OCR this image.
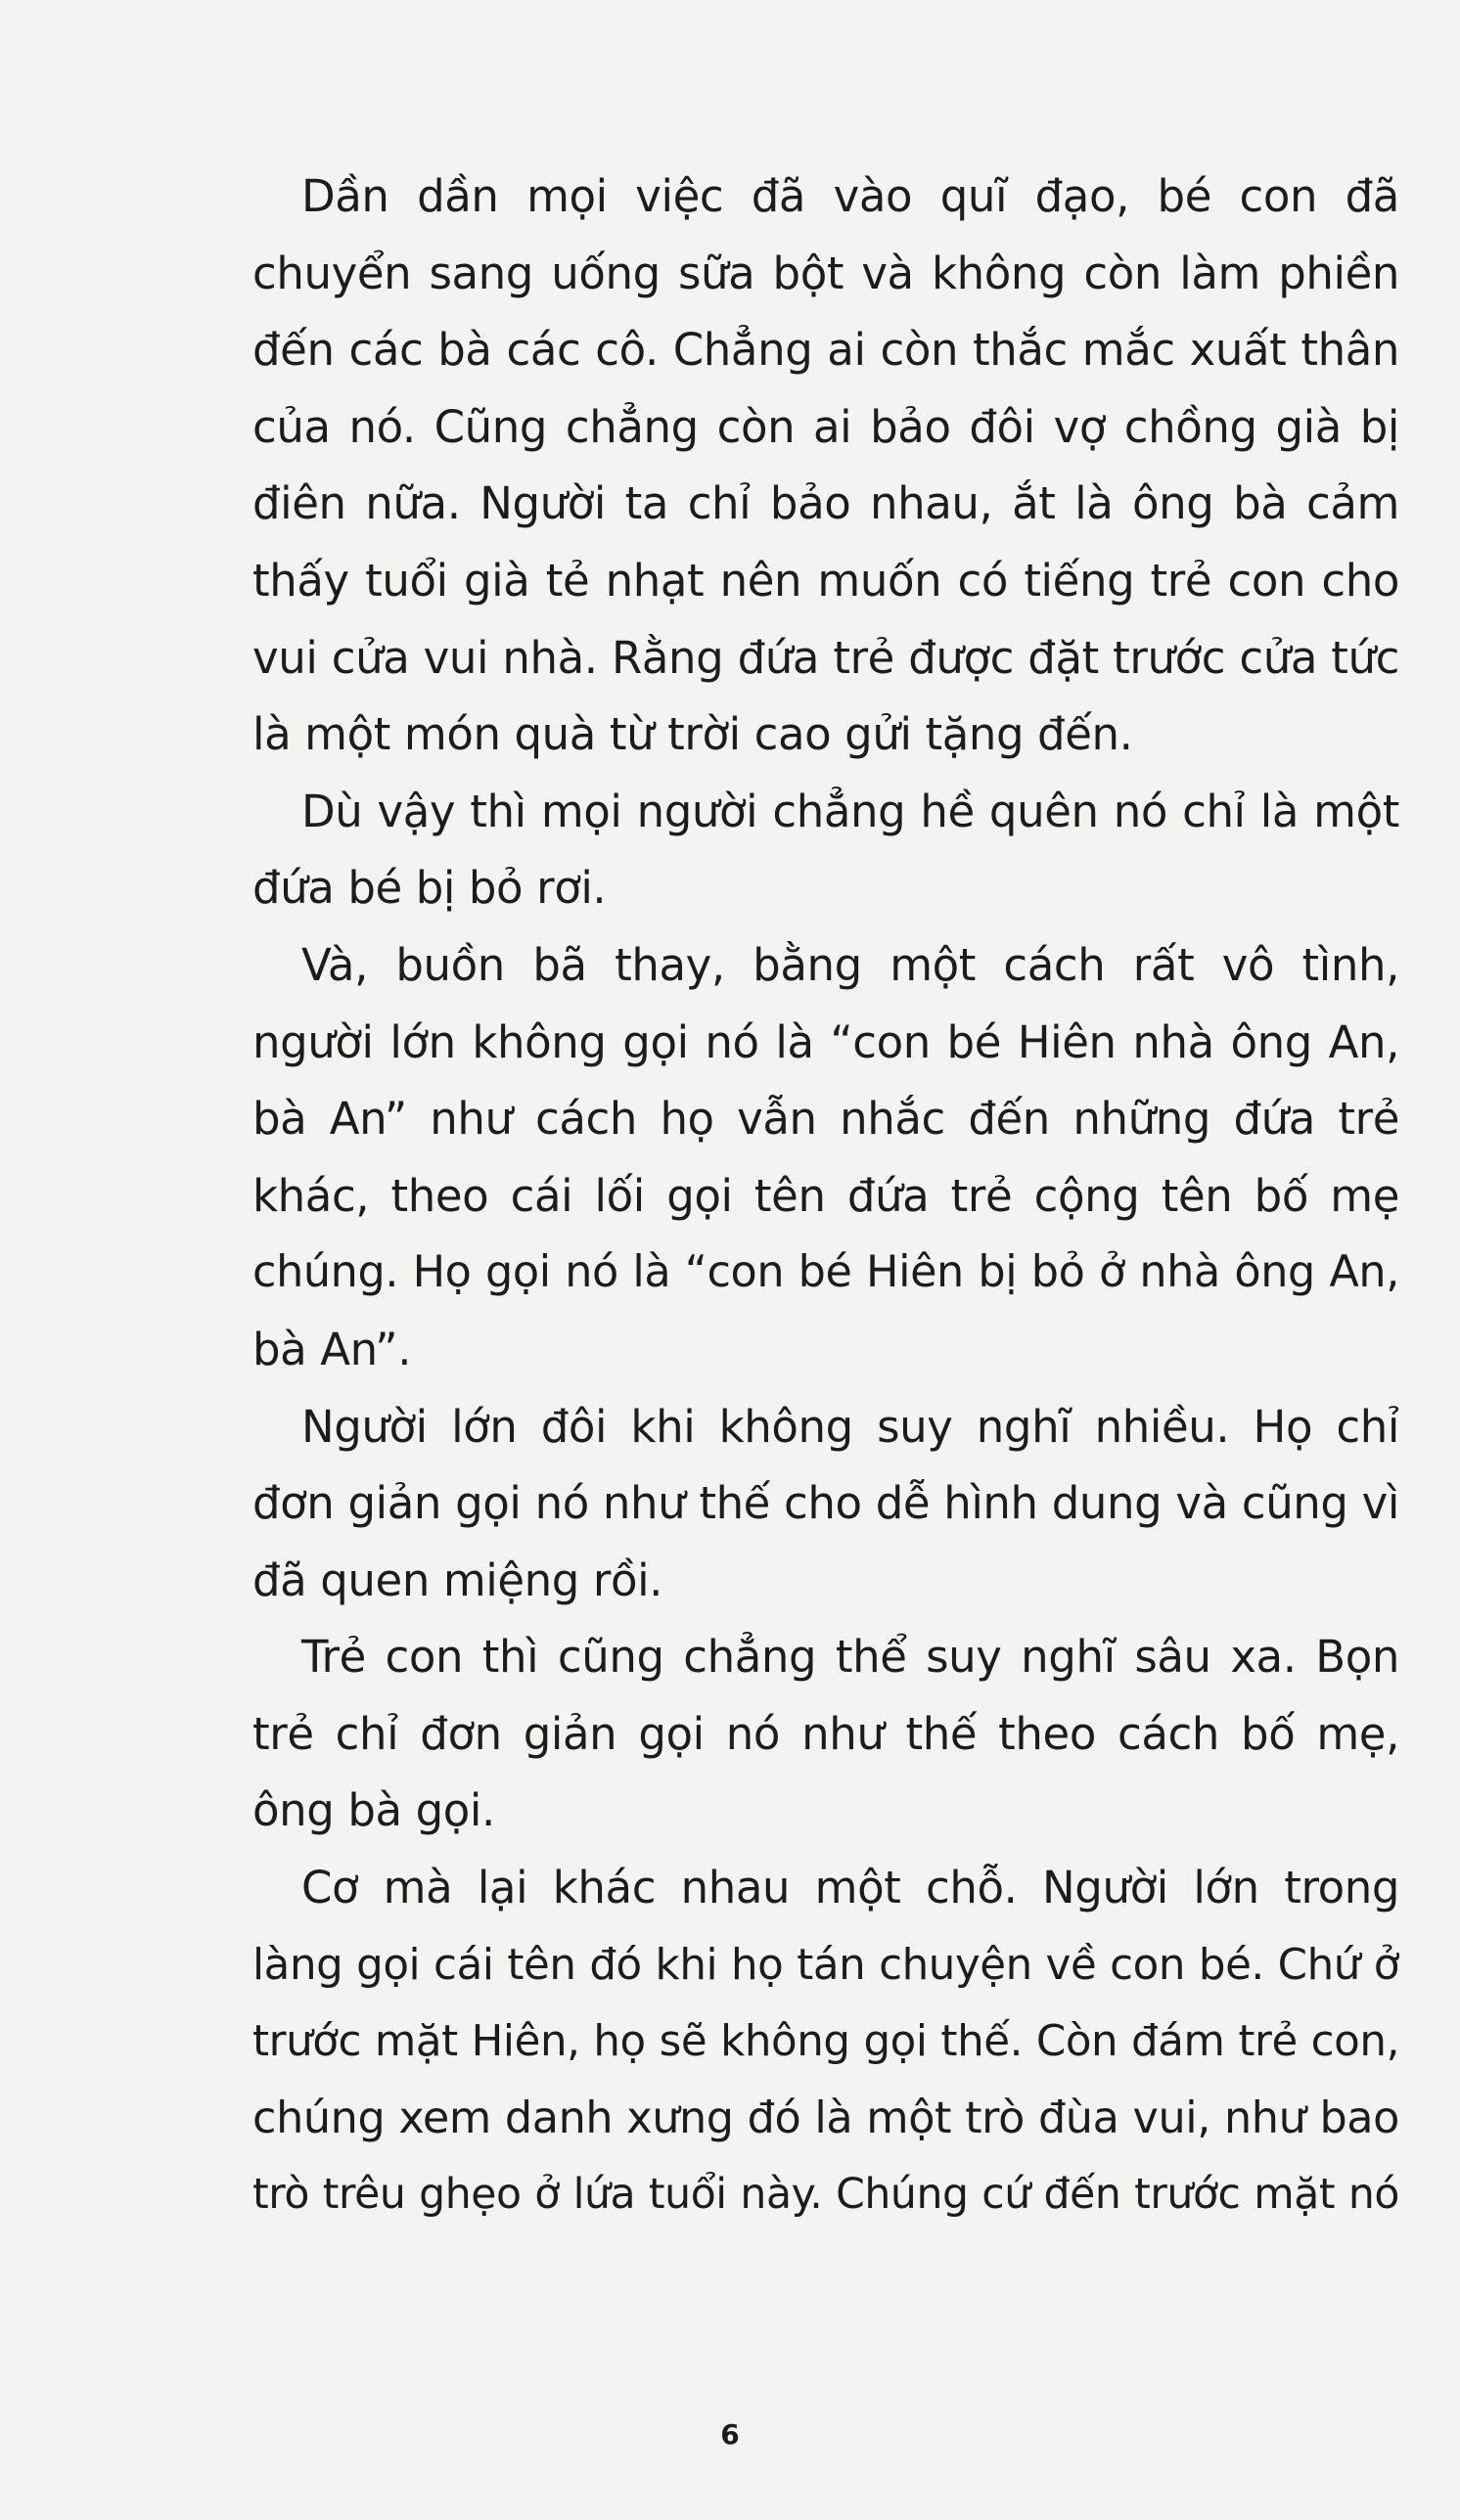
Dần dần mọi việc đã vào quĩ đạo, bé con đã
chuyển sang uống sữa bột và không còn làm phiền
đến các bà các cô. Chẳng ai còn thắc mắc xuất thân
của nó. Cũng chẳng còn ai bảo đôi vợ chồng già bị
điên nữa. Người ta chỉ bảo nhau, ắt là ông bà cảm
thấy tuổi già tẻ nhạt nên muốn có tiếng trẻ con cho
vui cửa vui nhà. Rằng đứa trẻ được đặt trước cửa tức
là một món quà từ trời cao gửi tặng đến.
Dù vậy thì mọi người chẳng hề quên nó chỉ là một
đứa bé bị bỏ rơi.
Và, buồn bã thay, bằng một cách rất vô tình,
người lớn không gọi nó là “con bé Hiên nhà ông An,
bà An” như cách họ vẫn nhắc đến những đứa trẻ
khác, theo cái lối gọi tên đứa trẻ cộng tên bố mẹ
chúng. Họ gọi nó là “con bé Hiên bị bỏ ở nhà ông An,
bà An”.
Người lớn đôi khi không suy nghĩ nhiều. Họ chỉ
đơn giản gọi nó như thế cho dễ hình dung và cũng vì
đã quen miệng rồi.
Trẻ con thì cũng chẳng thể suy nghĩ sâu xa. Bọn
trẻ chỉ đơn giản gọi nó như thế theo cách bố mẹ,
ông bà gọi.
Cơ mà lại khác nhau một chỗ. Người lớn trong
làng gọi cái tên đó khi họ tán chuyện về con bé. Chứ ở
trước mặt Hiên, họ sẽ không gọi thế. Còn đám trẻ con,
chúng xem danh xưng đó là một trò đùa vui, như bao
trò trêu ghẹo ở lứa tuổi này. Chúng cứ đến trước mặt nó
6
